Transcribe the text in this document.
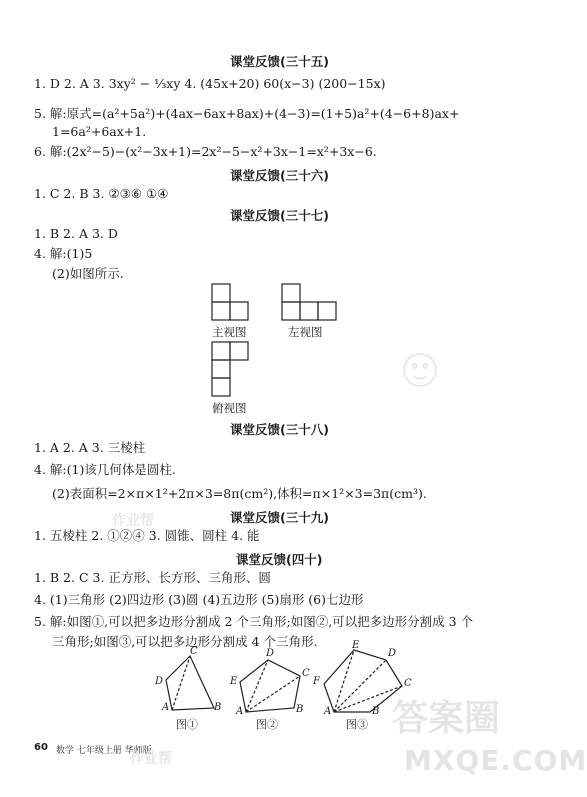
课堂反馈(三十五)
1. D 2. A 3. 3xy² − ⅓xy 4. (45x+20) 60(x−3) (200−15x)
5. 解:原式=(a²+5a²)+(4ax−6ax+8ax)+(4−3)=(1+5)a²+(4−6+8)ax+
1=6a²+6ax+1.
6. 解:(2x²−5)−(x²−3x+1)=2x²−5−x²+3x−1=x²+3x−6.
课堂反馈(三十六)
1. C 2. B 3. ②③⑥ ①④
课堂反馈(三十七)
1. B 2. A 3. D
4. 解:(1)5
(2)如图所示.
主视图	左视图
俯视图
课堂反馈(三十八)
1. A 2. A 3. 三棱柱
4. 解:(1)该几何体是圆柱.
(2)表面积=2×π×1²+2π×3=8π(cm²),体积=π×1²×3=3π(cm³).
课堂反馈(三十九)
1. 五棱柱 2. ①②④ 3. 圆锥、圆柱 4. 能
课堂反馈(四十)
1. B 2. C 3. 正方形、长方形、三角形、圆
4. (1)三角形 (2)四边形 (3)圆 (4)五边形 (5)扇形 (6)七边形
5. 解:如图①,可以把多边形分割成 2 个三角形;如图②,可以把多边形分割成 3 个
三角形;如图③,可以把多边形分割成 4 个三角形.
C
D
A	B
D
E
C
A	B
E
D
F	C
A	B
图①	图②	图③
60 数学 七年级上册 华师版
答案圈
MXQE.COM
作业帮
作业帮
